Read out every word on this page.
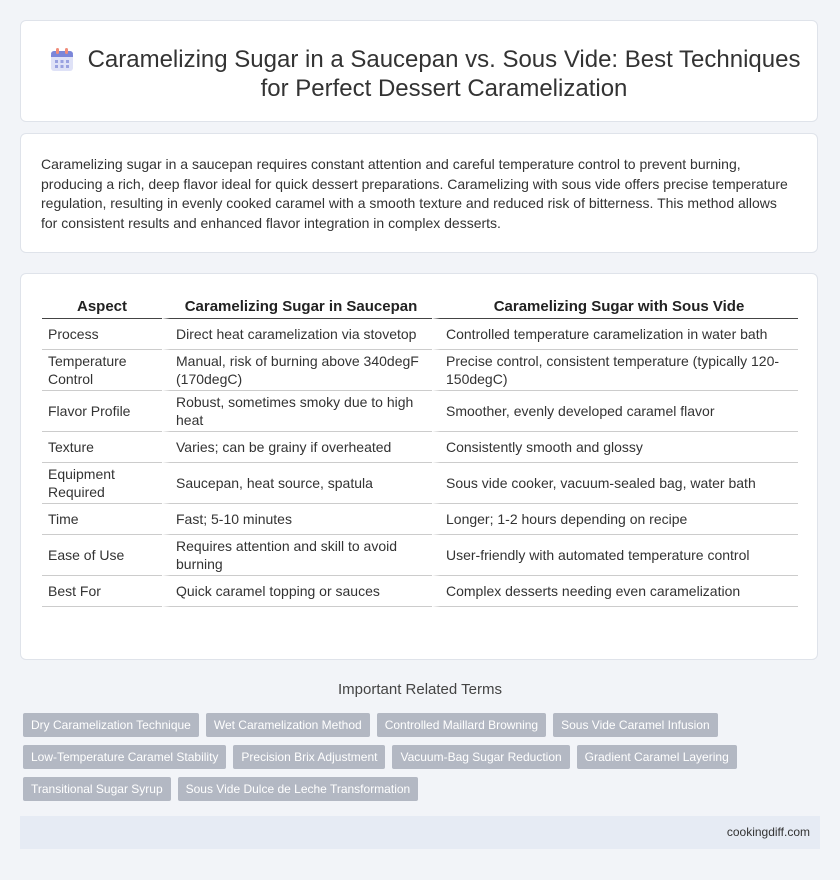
Caramelizing Sugar in a Saucepan vs. Sous Vide: Best Techniques for Perfect Dessert Caramelization

Caramelizing sugar in a saucepan requires constant attention and careful temperature control to prevent burning, producing a rich, deep flavor ideal for quick dessert preparations. Caramelizing with sous vide offers precise temperature regulation, resulting in evenly cooked caramel with a smooth texture and reduced risk of bitterness. This method allows for consistent results and enhanced flavor integration in complex desserts.

Aspect	Caramelizing Sugar in Saucepan	Caramelizing Sugar with Sous Vide
Process	Direct heat caramelization via stovetop	Controlled temperature caramelization in water bath
Temperature Control	Manual, risk of burning above 340degF (170degC)	Precise control, consistent temperature (typically 120-150degC)
Flavor Profile	Robust, sometimes smoky due to high heat	Smoother, evenly developed caramel flavor
Texture	Varies; can be grainy if overheated	Consistently smooth and glossy
Equipment Required	Saucepan, heat source, spatula	Sous vide cooker, vacuum-sealed bag, water bath
Time	Fast; 5-10 minutes	Longer; 1-2 hours depending on recipe
Ease of Use	Requires attention and skill to avoid burning	User-friendly with automated temperature control
Best For	Quick caramel topping or sauces	Complex desserts needing even caramelization
Important Related Terms
Dry Caramelization Technique	Wet Caramelization Method	Controlled Maillard Browning	Sous Vide Caramel Infusion
Low-Temperature Caramel Stability	Precision Brix Adjustment	Vacuum-Bag Sugar Reduction	Gradient Caramel Layering
Transitional Sugar Syrup	Sous Vide Dulce de Leche Transformation
cookingdiff.com
